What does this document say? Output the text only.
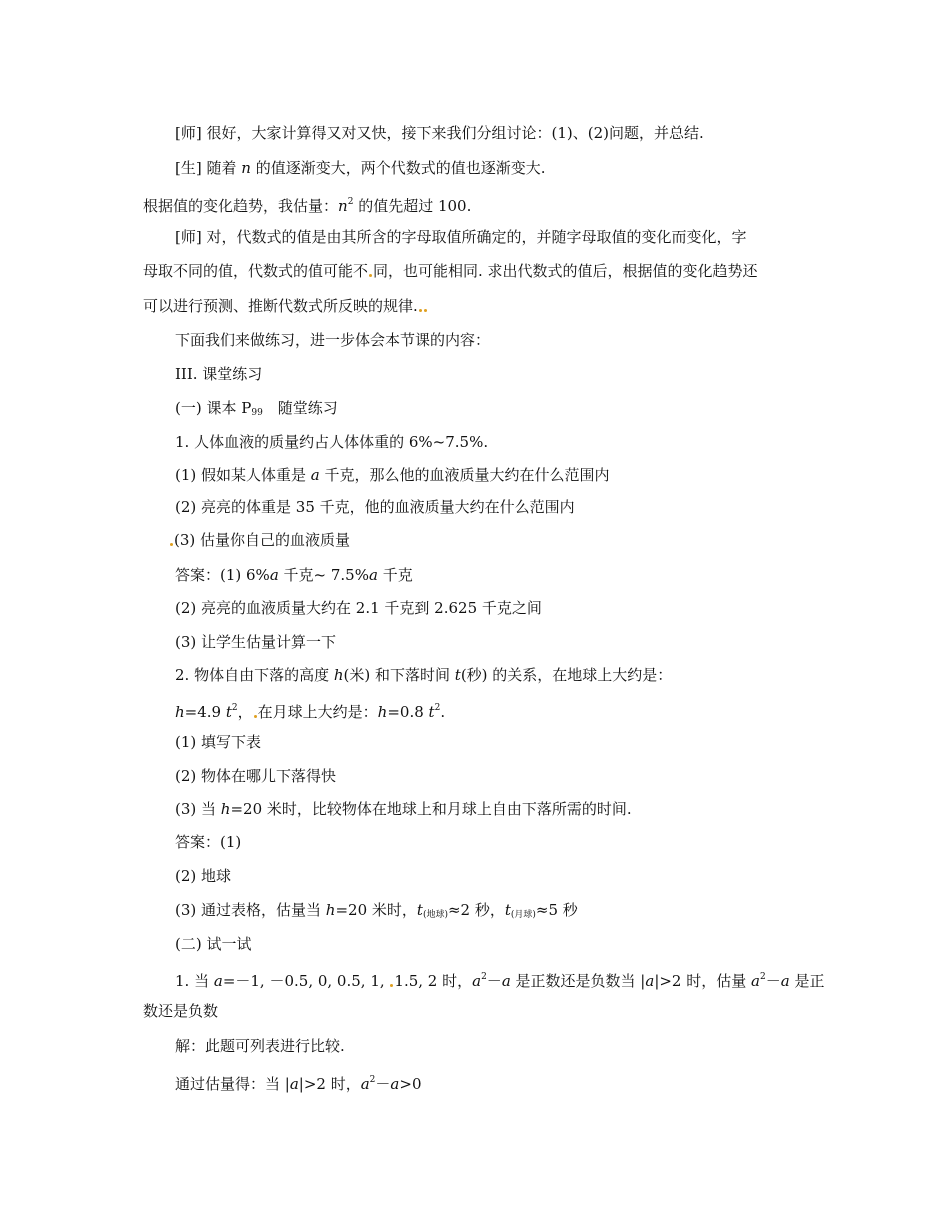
[师] 很好，大家计算得又对又快，接下来我们分组讨论：(1)、(2)问题，并总结.
[生] 随着 n 的值逐渐变大，两个代数式的值也逐渐变大.
根据值的变化趋势，我估量：$n^2$ 的值先超过 100.
[师] 对，代数式的值是由其所含的字母取值所确定的，并随字母取值的变化而变化，字
母取不同的值，代数式的值可能不 同，也可能相同. 求出代数式的值后，根据值的变化趋势还
可以进行预测、推断代数式所反映的规律.
下面我们来做练习，进一步体会本节课的内容：
III. 课堂练习
(一) 课本 $P_{99}$　随堂练习
1. 人体血液的质量约占人体体重的 6%~7.5%.
(1) 假如某人体重是 a 千克，那么他的血液质量大约在什么范围内
(2) 亮亮的体重是 35 千克，他的血液质量大约在什么范围内
(3) 估量你自己的血液质量
答案：(1) 6%a 千克~ 7.5%a 千克
(2) 亮亮的血液质量大约在 2.1 千克到 2.625 千克之间
(3) 让学生估量计算一下
2. 物体自由下落的高度 h(米) 和下落时间 t(秒) 的关系，在地球上大约是：
h=4.9 $t^2$， 在月球上大约是：h=0.8 $t^2$.
(1) 填写下表
(2) 物体在哪儿下落得快
(3) 当 h=20 米时，比较物体在地球上和月球上自由下落所需的时间.
答案：(1)
(2) 地球
(3) 通过表格，估量当 h=20 米时，$t_{(地球)}\approx 2$ 秒，$t_{(月球)}\approx 5$ 秒
(二) 试一试
1. 当 a=－1, －0.5, 0, 0.5, 1, 1.5, 2 时，$a^2-a$ 是正数还是负数当 |a|>2 时，估量 $a^2-a$ 是正
数还是负数
解：此题可列表进行比较.
通过估量得：当 |a|>2 时，$a^2-a>0$
